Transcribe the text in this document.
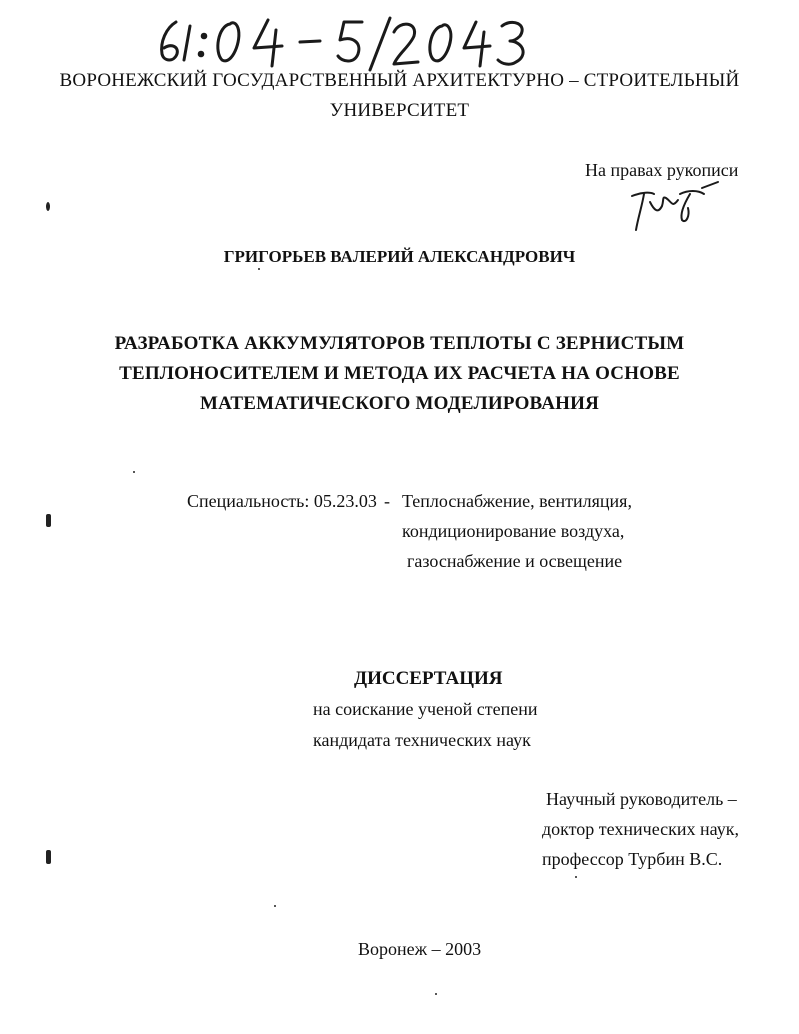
ВОРОНЕЖСКИЙ ГОСУДАРСТВЕННЫЙ АРХИТЕКТУРНО – СТРОИТЕЛЬНЫЙ
УНИВЕРСИТЕТ
На правах рукописи
ГРИГОРЬЕВ ВАЛЕРИЙ АЛЕКСАНДРОВИЧ
РАЗРАБОТКА АККУМУЛЯТОРОВ ТЕПЛОТЫ С ЗЕРНИСТЫМ
ТЕПЛОНОСИТЕЛЕМ И МЕТОДА ИХ РАСЧЕТА НА ОСНОВЕ
МАТЕМАТИЧЕСКОГО МОДЕЛИРОВАНИЯ
Специальность: 05.23.03 - Теплоснабжение, вентиляция,
кондиционирование воздуха,
газоснабжение и освещение
ДИССЕРТАЦИЯ
на соискание ученой степени
кандидата технических наук
Научный руководитель –
доктор технических наук,
профессор Турбин В.С.
Воронеж – 2003
